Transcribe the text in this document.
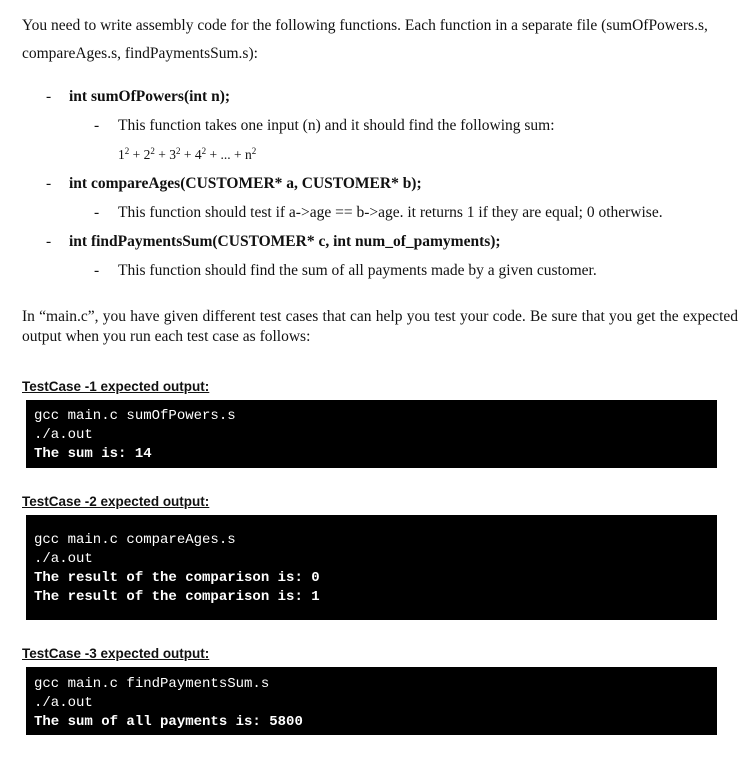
You need to write assembly code for the following functions. Each function in a separate file (sumOfPowers.s, compareAges.s, findPaymentsSum.s):
- int sumOfPowers(int n);
- This function takes one input (n) and it should find the following sum:
$1^2 + 2^2 + 3^2 + 4^2$ + ... + $n^2$
- int compareAges(CUSTOMER* a, CUSTOMER* b);
- This function should test if a->age == b->age. it returns 1 if they are equal; 0 otherwise.
- int findPaymentsSum(CUSTOMER* c, int num_of_pamyments);
- This function should find the sum of all payments made by a given customer.
In “main.c”, you have given different test cases that can help you test your code. Be sure that you get the expected output when you run each test case as follows:
TestCase -1 expected output:
gcc main.c sumOfPowers.s
./a.out
The sum is: 14
TestCase -2 expected output:
gcc main.c compareAges.s
./a.out
The result of the comparison is: 0
The result of the comparison is: 1
TestCase -3 expected output:
gcc main.c findPaymentsSum.s
./a.out
The sum of all payments is: 5800
